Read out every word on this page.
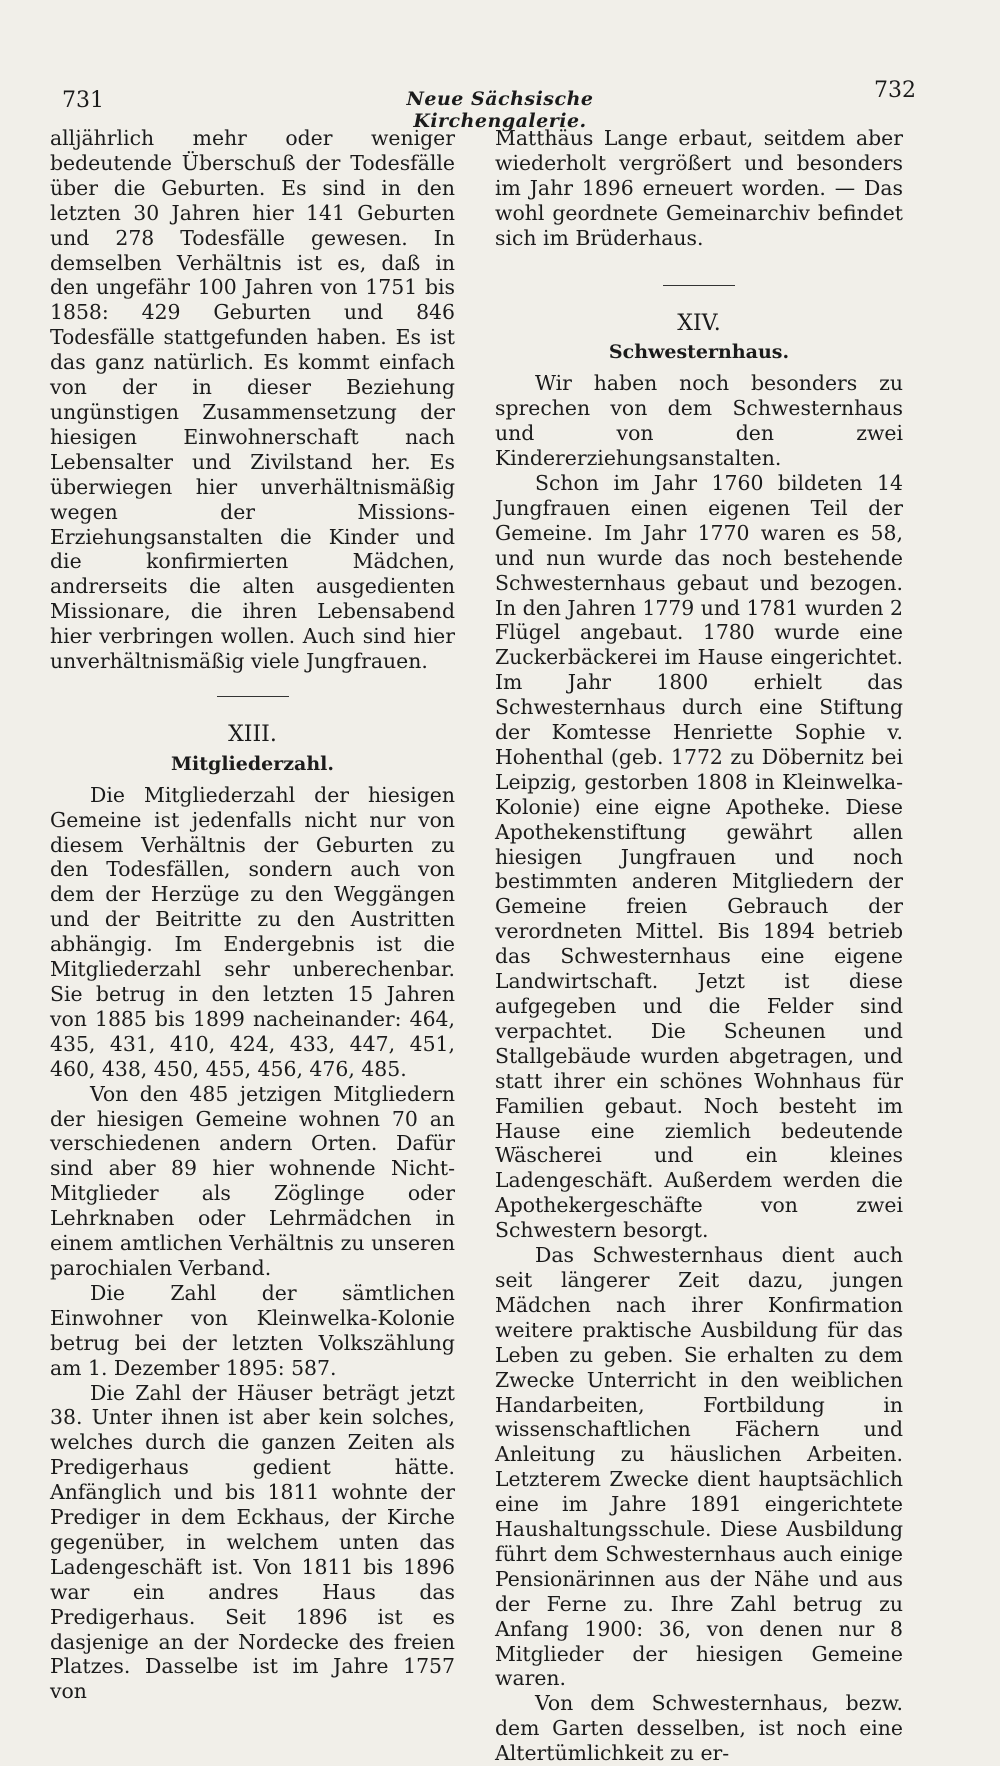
731	Neue Sächsische Kirchengalerie.
732

alljährlich mehr oder weniger bedeutende Überschuß der Todesfälle über die Geburten. Es sind in den letzten 30 Jahren hier 141 Geburten und 278 Todesfälle gewesen. In demselben Verhältnis ist es, daß in den ungefähr 100 Jahren von 1751 bis 1858: 429 Geburten und 846 Todesfälle stattgefunden haben. Es ist das ganz natürlich. Es kommt einfach von der in dieser Beziehung ungünstigen Zusammensetzung der hiesigen Einwohnerschaft nach Lebensalter und Zivilstand her. Es überwiegen hier unverhältnismäßig wegen der Missions-Erziehungsanstalten die Kinder und die konfirmierten Mädchen, andrerseits die alten ausgedienten Missionare, die ihren Lebensabend hier verbringen wollen. Auch sind hier unverhältnismäßig viele Jungfrauen.

XIII.
Mitgliederzahl.

Die Mitgliederzahl der hiesigen Gemeine ist jedenfalls nicht nur von diesem Verhältnis der Geburten zu den Todesfällen, sondern auch von dem der Herzüge zu den Weggängen und der Beitritte zu den Austritten abhängig. Im Endergebnis ist die Mitgliederzahl sehr unberechenbar. Sie betrug in den letzten 15 Jahren von 1885 bis 1899 nacheinander: 464, 435, 431, 410, 424, 433, 447, 451, 460, 438, 450, 455, 456, 476, 485.

Von den 485 jetzigen Mitgliedern der hiesigen Gemeine wohnen 70 an verschiedenen andern Orten. Dafür sind aber 89 hier wohnende Nicht-Mitglieder als Zöglinge oder Lehrknaben oder Lehrmädchen in einem amtlichen Verhältnis zu unseren parochialen Verband.

Die Zahl der sämtlichen Einwohner von Kleinwelka-Kolonie betrug bei der letzten Volkszählung am 1. Dezember 1895: 587.

Die Zahl der Häuser beträgt jetzt 38. Unter ihnen ist aber kein solches, welches durch die ganzen Zeiten als Predigerhaus gedient hätte. Anfänglich und bis 1811 wohnte der Prediger in dem Eckhaus, der Kirche gegenüber, in welchem unten das Ladengeschäft ist. Von 1811 bis 1896 war ein andres Haus das Predigerhaus. Seit 1896 ist es dasjenige an der Nordecke des freien Platzes. Dasselbe ist im Jahre 1757 von

Matthäus Lange erbaut, seitdem aber wiederholt vergrößert und besonders im Jahr 1896 erneuert worden. — Das wohl geordnete Gemeinarchiv befindet sich im Brüderhaus.

XIV.
Schwesternhaus.

Wir haben noch besonders zu sprechen von dem Schwesternhaus und von den zwei Kindererziehungsanstalten.

Schon im Jahr 1760 bildeten 14 Jungfrauen einen eigenen Teil der Gemeine. Im Jahr 1770 waren es 58, und nun wurde das noch bestehende Schwesternhaus gebaut und bezogen. In den Jahren 1779 und 1781 wurden 2 Flügel angebaut. 1780 wurde eine Zuckerbäckerei im Hause eingerichtet. Im Jahr 1800 erhielt das Schwesternhaus durch eine Stiftung der Komtesse Henriette Sophie v. Hohenthal (geb. 1772 zu Döbernitz bei Leipzig, gestorben 1808 in Kleinwelka-Kolonie) eine eigne Apotheke. Diese Apothekenstiftung gewährt allen hiesigen Jungfrauen und noch bestimmten anderen Mitgliedern der Gemeine freien Gebrauch der verordneten Mittel. Bis 1894 betrieb das Schwesternhaus eine eigene Landwirtschaft. Jetzt ist diese aufgegeben und die Felder sind verpachtet. Die Scheunen und Stallgebäude wurden abgetragen, und statt ihrer ein schönes Wohnhaus für Familien gebaut. Noch besteht im Hause eine ziemlich bedeutende Wäscherei und ein kleines Ladengeschäft. Außerdem werden die Apothekergeschäfte von zwei Schwestern besorgt.

Das Schwesternhaus dient auch seit längerer Zeit dazu, jungen Mädchen nach ihrer Konfirmation weitere praktische Ausbildung für das Leben zu geben. Sie erhalten zu dem Zwecke Unterricht in den weiblichen Handarbeiten, Fortbildung in wissenschaftlichen Fächern und Anleitung zu häuslichen Arbeiten. Letzterem Zwecke dient hauptsächlich eine im Jahre 1891 eingerichtete Haushaltungsschule. Diese Ausbildung führt dem Schwesternhaus auch einige Pensionärinnen aus der Nähe und aus der Ferne zu. Ihre Zahl betrug zu Anfang 1900: 36, von denen nur 8 Mitglieder der hiesigen Gemeine waren.

Von dem Schwesternhaus, bezw. dem Garten desselben, ist noch eine Altertümlichkeit zu er-
